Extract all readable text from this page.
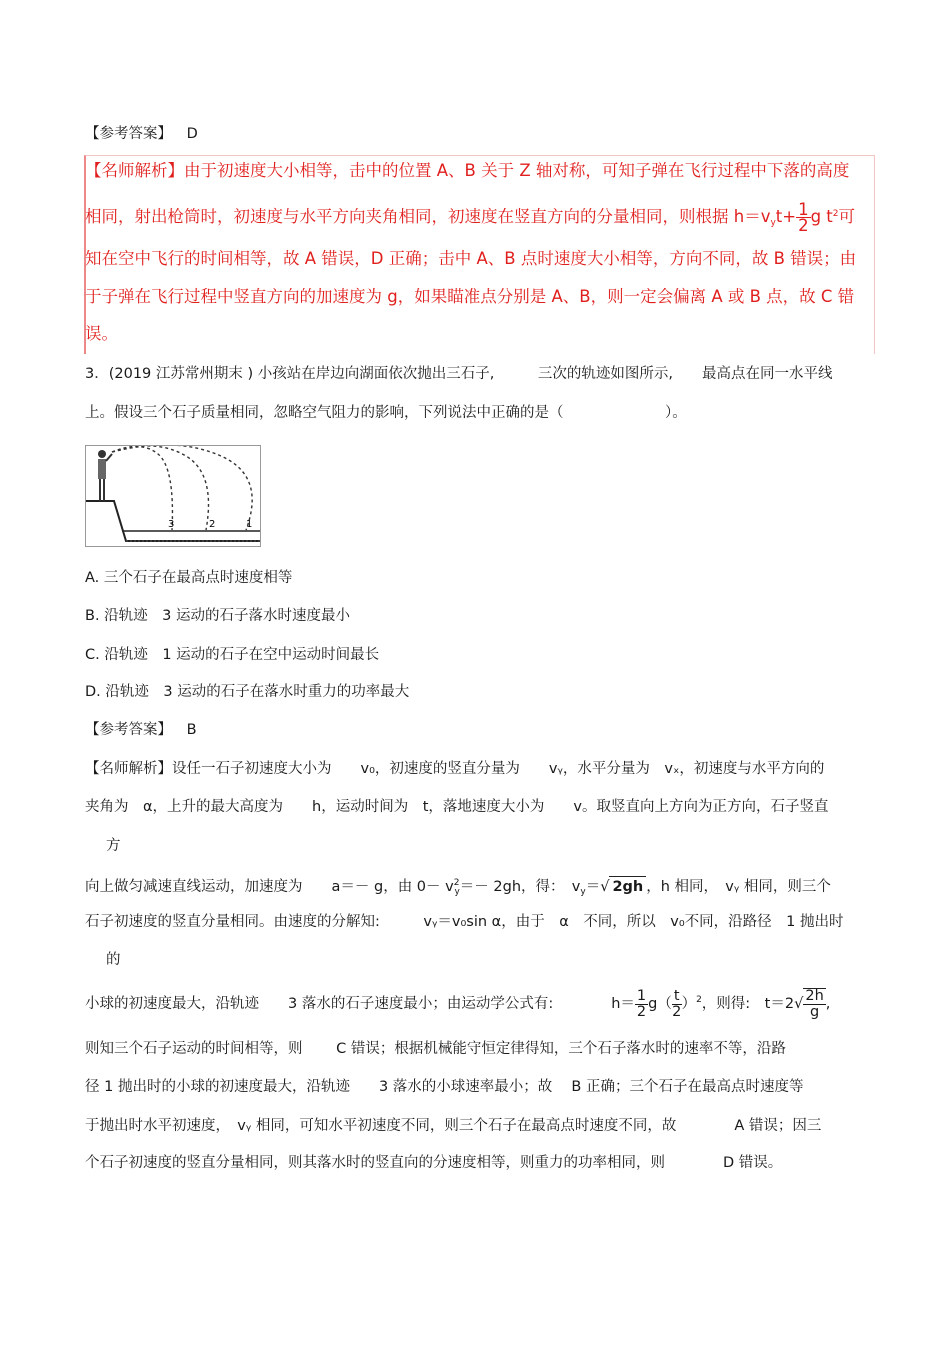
【参考答案】 D
【名师解析】由于初速度大小相等，击中的位置 A、B 关于 Z 轴对称，可知子弹在飞行过程中下落的高度
相同，射出枪筒时，初速度与水平方向夹角相同，初速度在竖直方向的分量相同，则根据 $h=v_yt+ \frac{1}{2}$ g $t^2$可
知在空中飞行的时间相等，故 A 错误，D 正确；击中 A、B 点时速度大小相等，方向不同，故 B 错误；由
于子弹在飞行过程中竖直方向的加速度为 g，如果瞄准点分别是 A、B，则一定会偏离 A 或 B 点，故 C 错
误。
3．(2019 江苏常州期末 ) 小孩站在岸边向湖面依次抛出三石子,　　　三次的轨迹如图所示,　　最高点在同一水平线
上。假设三个石子质量相同，忽略空气阻力的影响，下列说法中正确的是（　　　　　　　）。
3	2	1
A. 三个石子在最高点时速度相等
B. 沿轨迹　3 运动的石子落水时速度最小
C. 沿轨迹　1 运动的石子在空中运动时间最长
D. 沿轨迹　3 运动的石子在落水时重力的功率最大
【参考答案】 B
【名师解析】设任一石子初速度大小为　　v₀，初速度的竖直分量为　　vᵧ，水平分量为　vₓ，初速度与水平方向的
夹角为　α，上升的最大高度为　　h，运动时间为　t，落地速度大小为　　v。取竖直向上方向为正方向，石子竖直
方
向上做匀减速直线运动，加速度为　　a＝－ g，由 $0- v^2_y=- 2gh$，得：　$v_y=√$ 2gh ，h 相同，　vᵧ 相同，则三个
石子初速度的竖直分量相同。由速度的分解知:　　　vᵧ＝v₀sin α，由于　α　不同，所以　v₀不同，沿路径　1 抛出时
的
小球的初速度最大，沿轨迹　　3 落水的石子速度最小；由运动学公式有:　　　　$h= \frac{1}{2} g( \frac{t}{2} )^2$，则得:　$t=2√ \frac{2h}{g}$ ,
则知三个石子运动的时间相等，则　　 C 错误；根据机械能守恒定律得知，三个石子落水时的速率不等，沿路
径 1 抛出时的小球的初速度最大，沿轨迹　　3 落水的小球速率最小；故　 B 正确；三个石子在最高点时速度等
于抛出时水平初速度，　vᵧ 相同，可知水平初速度不同，则三个石子在最高点时速度不同，故　　　　A 错误；因三
个石子初速度的竖直分量相同，则其落水时的竖直向的分速度相等，则重力的功率相同，则　　　　D 错误。
